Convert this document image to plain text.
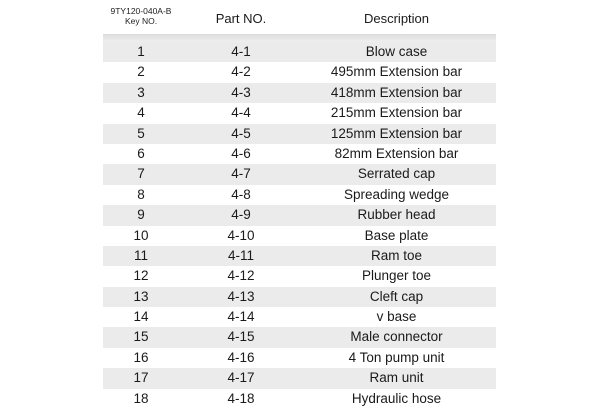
9TY120-040A-B
Key NO.	Part NO.	Description
1	4-1	Blow case
2	4-2	495mm Extension bar
3	4-3	418mm Extension bar
4	4-4	215mm Extension bar
5	4-5	125mm Extension bar
6	4-6	82mm Extension bar
7	4-7	Serrated cap
8	4-8	Spreading wedge
9	4-9	Rubber head
10	4-10	Base plate
11	4-11	Ram toe
12	4-12	Plunger toe
13	4-13	Cleft cap
14	4-14	v base
15	4-15	Male connector
16	4-16	4 Ton pump unit
17	4-17	Ram unit
18	4-18	Hydraulic hose
